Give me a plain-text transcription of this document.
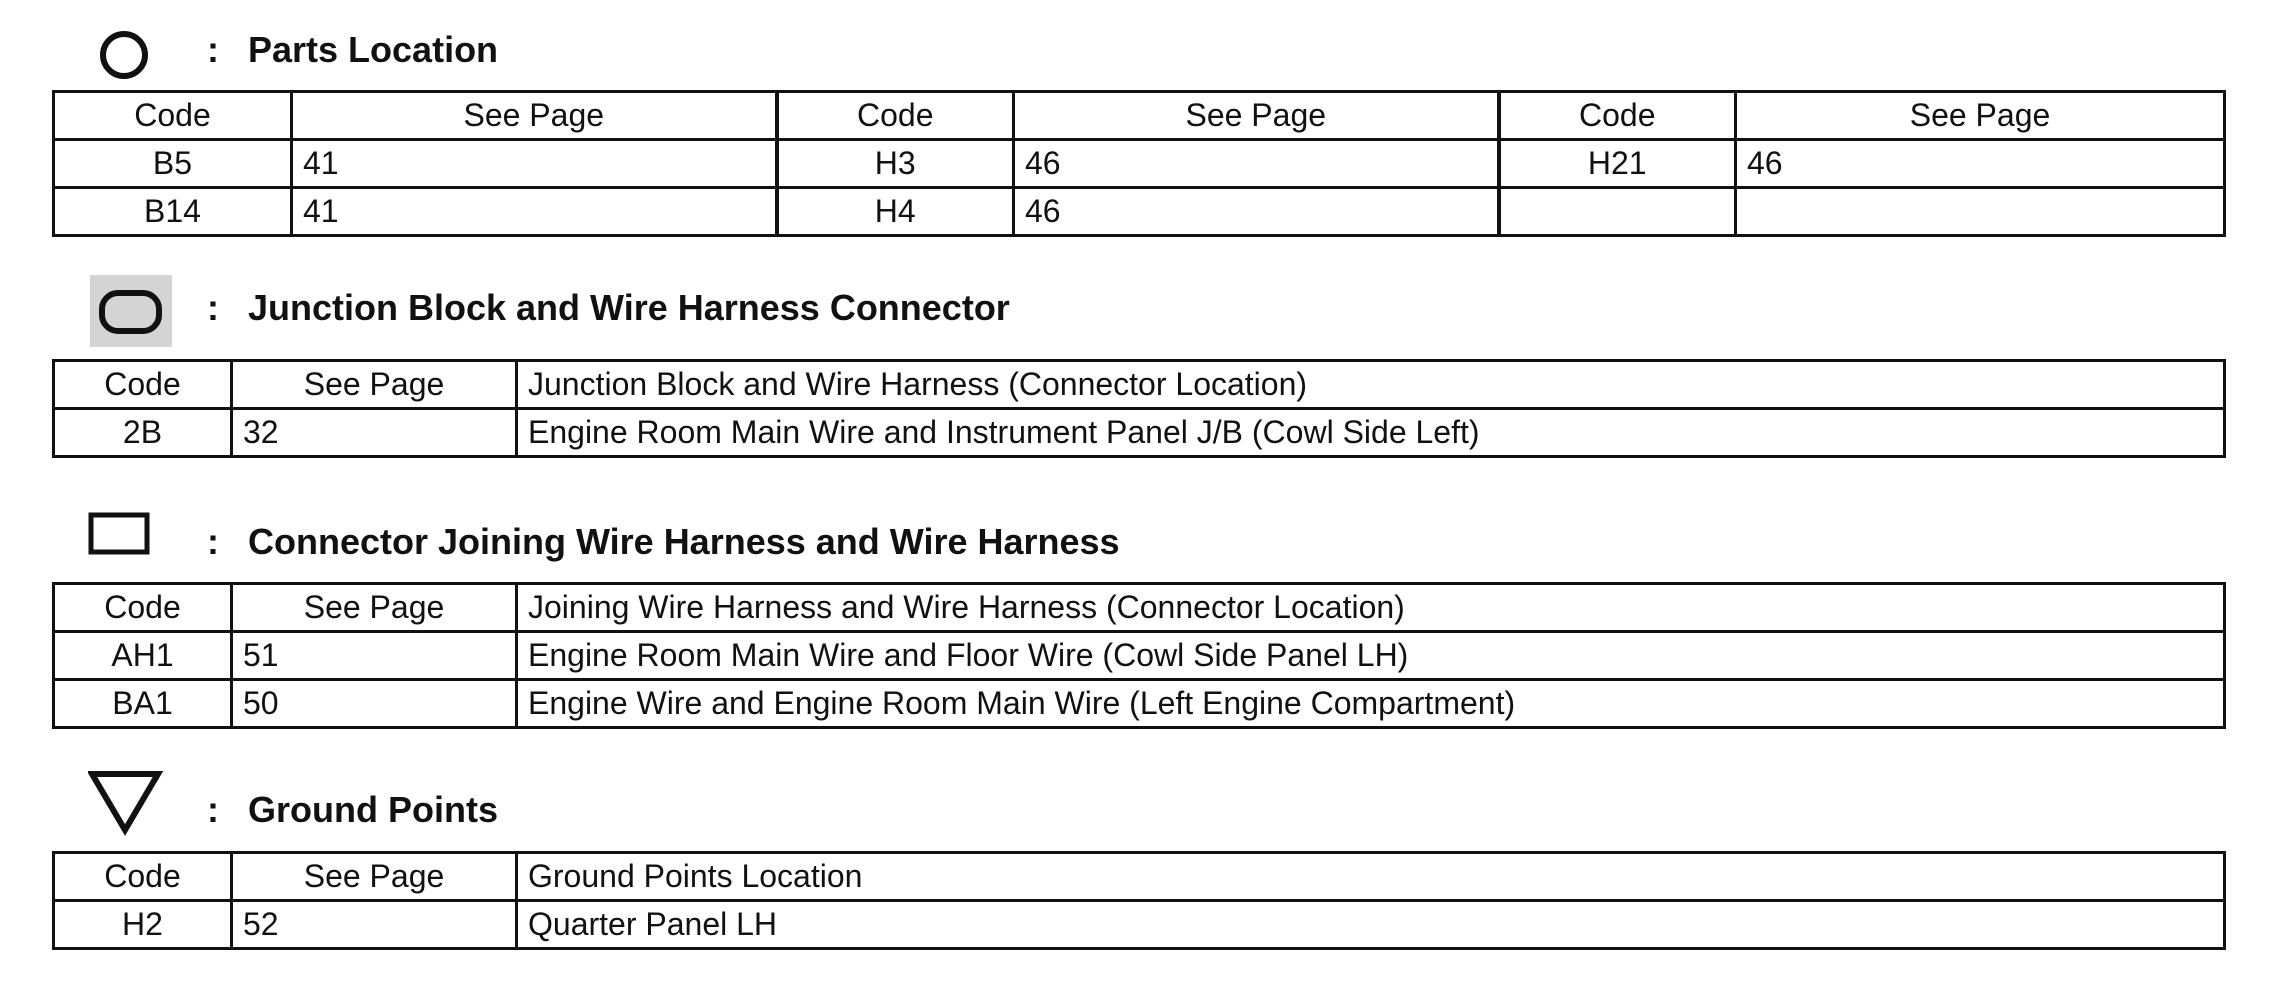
: Parts Location
Code	See Page	Code	See Page	Code	See Page
B5	41	H3	46	H21	46
B14	41	H4	46		
: Junction Block and Wire Harness Connector
Code	See Page	Junction Block and Wire Harness (Connector Location)
2B	32	Engine Room Main Wire and Instrument Panel J/B (Cowl Side Left)
: Connector Joining Wire Harness and Wire Harness
Code	See Page	Joining Wire Harness and Wire Harness (Connector Location)
AH1	51	Engine Room Main Wire and Floor Wire (Cowl Side Panel LH)
BA1	50	Engine Wire and Engine Room Main Wire (Left Engine Compartment)
: Ground Points
Code	See Page	Ground Points Location
H2	52	Quarter Panel LH
